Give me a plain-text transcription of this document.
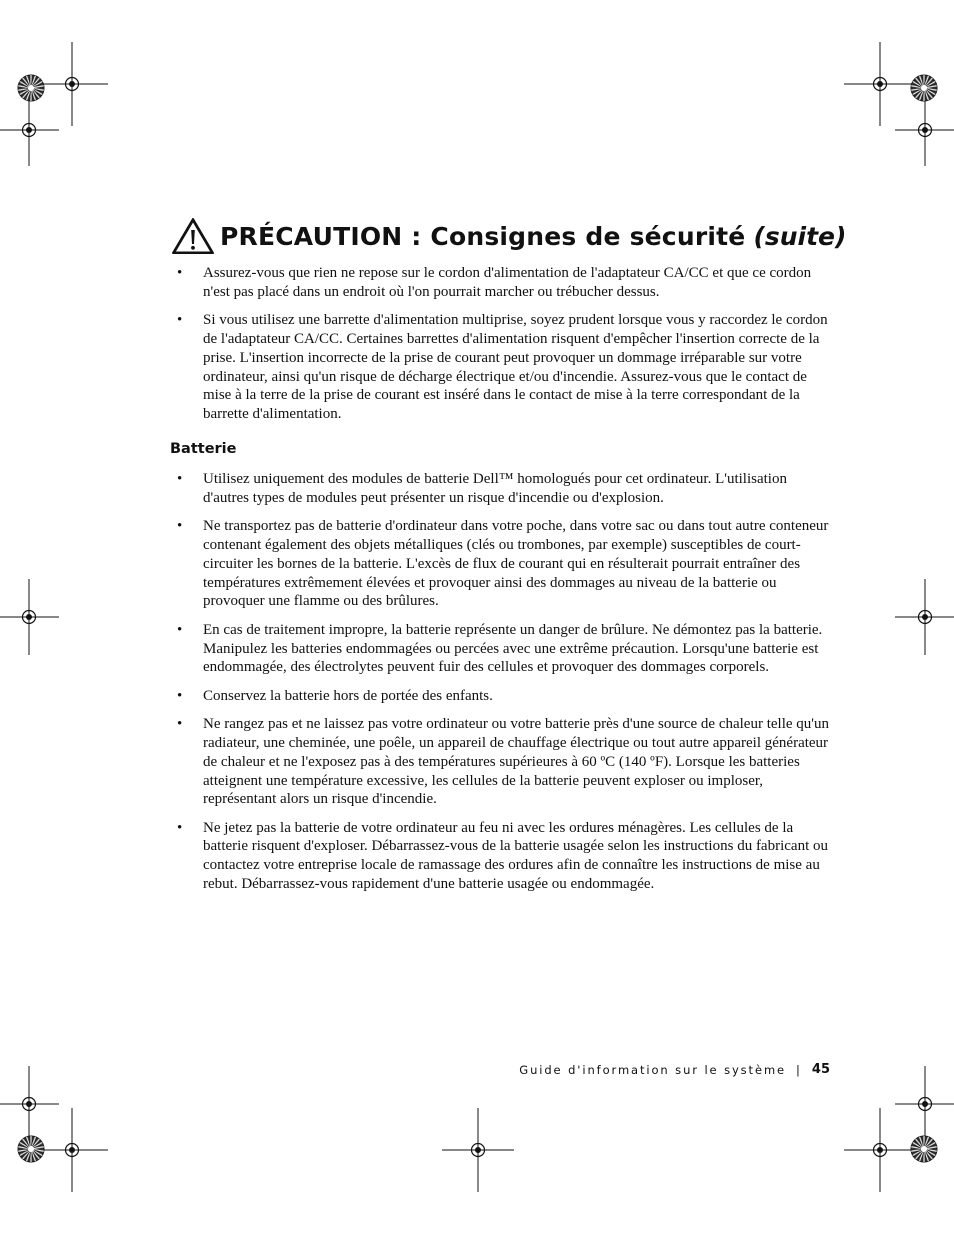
PRÉCAUTION : Consignes de sécurité (suite)
• Assurez-vous que rien ne repose sur le cordon d'alimentation de l'adaptateur CA/CC et que ce cordon n'est pas placé dans un endroit où l'on pourrait marcher ou trébucher dessus.
• Si vous utilisez une barrette d'alimentation multiprise, soyez prudent lorsque vous y raccordez le cordon de l'adaptateur CA/CC. Certaines barrettes d'alimentation risquent d'empêcher l'insertion correcte de la prise. L'insertion incorrecte de la prise de courant peut provoquer un dommage irréparable sur votre ordinateur, ainsi qu'un risque de décharge électrique et/ou d'incendie. Assurez-vous que le contact de mise à la terre de la prise de courant est inséré dans le contact de mise à la terre correspondant de la barrette d'alimentation.
Batterie
• Utilisez uniquement des modules de batterie Dell™ homologués pour cet ordinateur. L'utilisation d'autres types de modules peut présenter un risque d'incendie ou d'explosion.
• Ne transportez pas de batterie d'ordinateur dans votre poche, dans votre sac ou dans tout autre conteneur contenant également des objets métalliques (clés ou trombones, par exemple) susceptibles de court-circuiter les bornes de la batterie. L'excès de flux de courant qui en résulterait pourrait entraîner des températures extrêmement élevées et provoquer ainsi des dommages au niveau de la batterie ou provoquer une flamme ou des brûlures.
• En cas de traitement impropre, la batterie représente un danger de brûlure. Ne démontez pas la batterie. Manipulez les batteries endommagées ou percées avec une extrême précaution. Lorsqu'une batterie est endommagée, des électrolytes peuvent fuir des cellules et provoquer des dommages corporels.
• Conservez la batterie hors de portée des enfants.
• Ne rangez pas et ne laissez pas votre ordinateur ou votre batterie près d'une source de chaleur telle qu'un radiateur, une cheminée, une poêle, un appareil de chauffage électrique ou tout autre appareil générateur de chaleur et ne l'exposez pas à des températures supérieures à 60 ºC (140 ºF). Lorsque les batteries atteignent une température excessive, les cellules de la batterie peuvent exploser ou imploser, représentant alors un risque d'incendie.
• Ne jetez pas la batterie de votre ordinateur au feu ni avec les ordures ménagères. Les cellules de la batterie risquent d'exploser. Débarrassez-vous de la batterie usagée selon les instructions du fabricant ou contactez votre entreprise locale de ramassage des ordures afin de connaître les instructions de mise au rebut. Débarrassez-vous rapidement d'une batterie usagée ou endommagée.
Guide d'information sur le système | 45
